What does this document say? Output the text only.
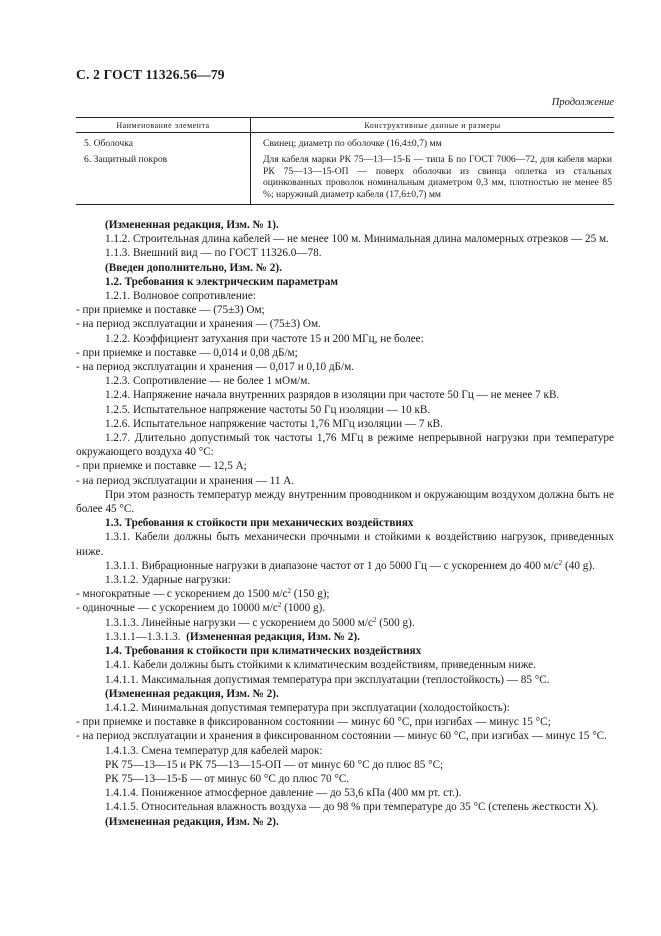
С. 2 ГОСТ 11326.56—79
Продолжение
Наименование элемента	Конструктивные данные и размеры
5. Оболочка	Свинец; диаметр по оболочке (16,4±0,7) мм
6. Защитный покров	Для кабеля марки РК 75—13—15-Б — типа Б по ГОСТ 7006—72, для кабеля марки РК 75—13—15-ОП — поверх оболочки из свинца оплетка из стальных оцинкованных проволок номинальным диаметром 0,3 мм, плотностью не менее 85 %; наружный диаметр кабеля (17,6±0,7) мм

(Измененная редакция, Изм. № 1).

1.1.2. Строительная длина кабелей — не менее 100 м. Минимальная длина маломерных отрезков — 25 м.

1.1.3. Внешний вид — по ГОСТ 11326.0—78.

(Введен дополнительно, Изм. № 2).

1.2. Требования к электрическим параметрам

1.2.1. Волновое сопротивление:

- при приемке и поставке — (75±3) Ом;

- на период эксплуатации и хранения — (75±3) Ом.

1.2.2. Коэффициент затухания при частоте 15 и 200 МГц, не более:

- при приемке и поставке — 0,014 и 0,08 дБ/м;

- на период эксплуатации и хранения — 0,017 и 0,10 дБ/м.

1.2.3. Сопротивление — не более 1 мОм/м.

1.2.4. Напряжение начала внутренних разрядов в изоляции при частоте 50 Гц — не менее 7 кВ.

1.2.5. Испытательное напряжение частоты 50 Гц изоляции — 10 кВ.

1.2.6. Испытательное напряжение частоты 1,76 МГц изоляции — 7 кВ.

1.2.7. Длительно допустимый ток частоты 1,76 МГц в режиме непрерывной нагрузки при температуре окружающего воздуха 40 °С:

- при приемке и поставке — 12,5 А;

- на период эксплуатации и хранения — 11 А.

При этом разность температур между внутренним проводником и окружающим воздухом должна быть не более 45 °С.

1.3. Требования к стойкости при механических воздействиях

1.3.1. Кабели должны быть механически прочными и стойкими к воздействию нагрузок, приведенных ниже.

1.3.1.1. Вибрационные нагрузки в диапазоне частот от 1 до 5000 Гц — с ускорением до 400 $м/с^2$ (40 g).

1.3.1.2. Ударные нагрузки:

- многократные — с ускорением до 1500 $м/с^2$ (150 g);

- одиночные — с ускорением до 10000 $м/с^2$ (1000 g).

1.3.1.3. Линейные нагрузки — с ускорением до 5000 $м/с^2$ (500 g).

1.3.1.1—1.3.1.3. (Измененная редакция, Изм. № 2).

1.4. Требования к стойкости при климатических воздействиях

1.4.1. Кабели должны быть стойкими к климатическим воздействиям, приведенным ниже.

1.4.1.1. Максимальная допустимая температура при эксплуатации (теплостойкость) — 85 °С.

(Измененная редакция, Изм. № 2).

1.4.1.2. Минимальная допустимая температура при эксплуатации (холодостойкость):

- при приемке и поставке в фиксированном состоянии — минус 60 °С, при изгибах — минус 15 °С;

- на период эксплуатации и хранения в фиксированном состоянии — минус 60 °С, при изгибах — минус 15 °С.

1.4.1.3. Смена температур для кабелей марок:

РК 75—13—15 и РК 75—13—15-ОП — от минус 60 °С до плюс 85 °С;

РК 75—13—15-Б — от минус 60 °С до плюс 70 °С.

1.4.1.4. Пониженное атмосферное давление — до 53,6 кПа (400 мм рт. ст.).

1.4.1.5. Относительная влажность воздуха — до 98 % при температуре до 35 °С (степень жесткости X).

(Измененная редакция, Изм. № 2).
